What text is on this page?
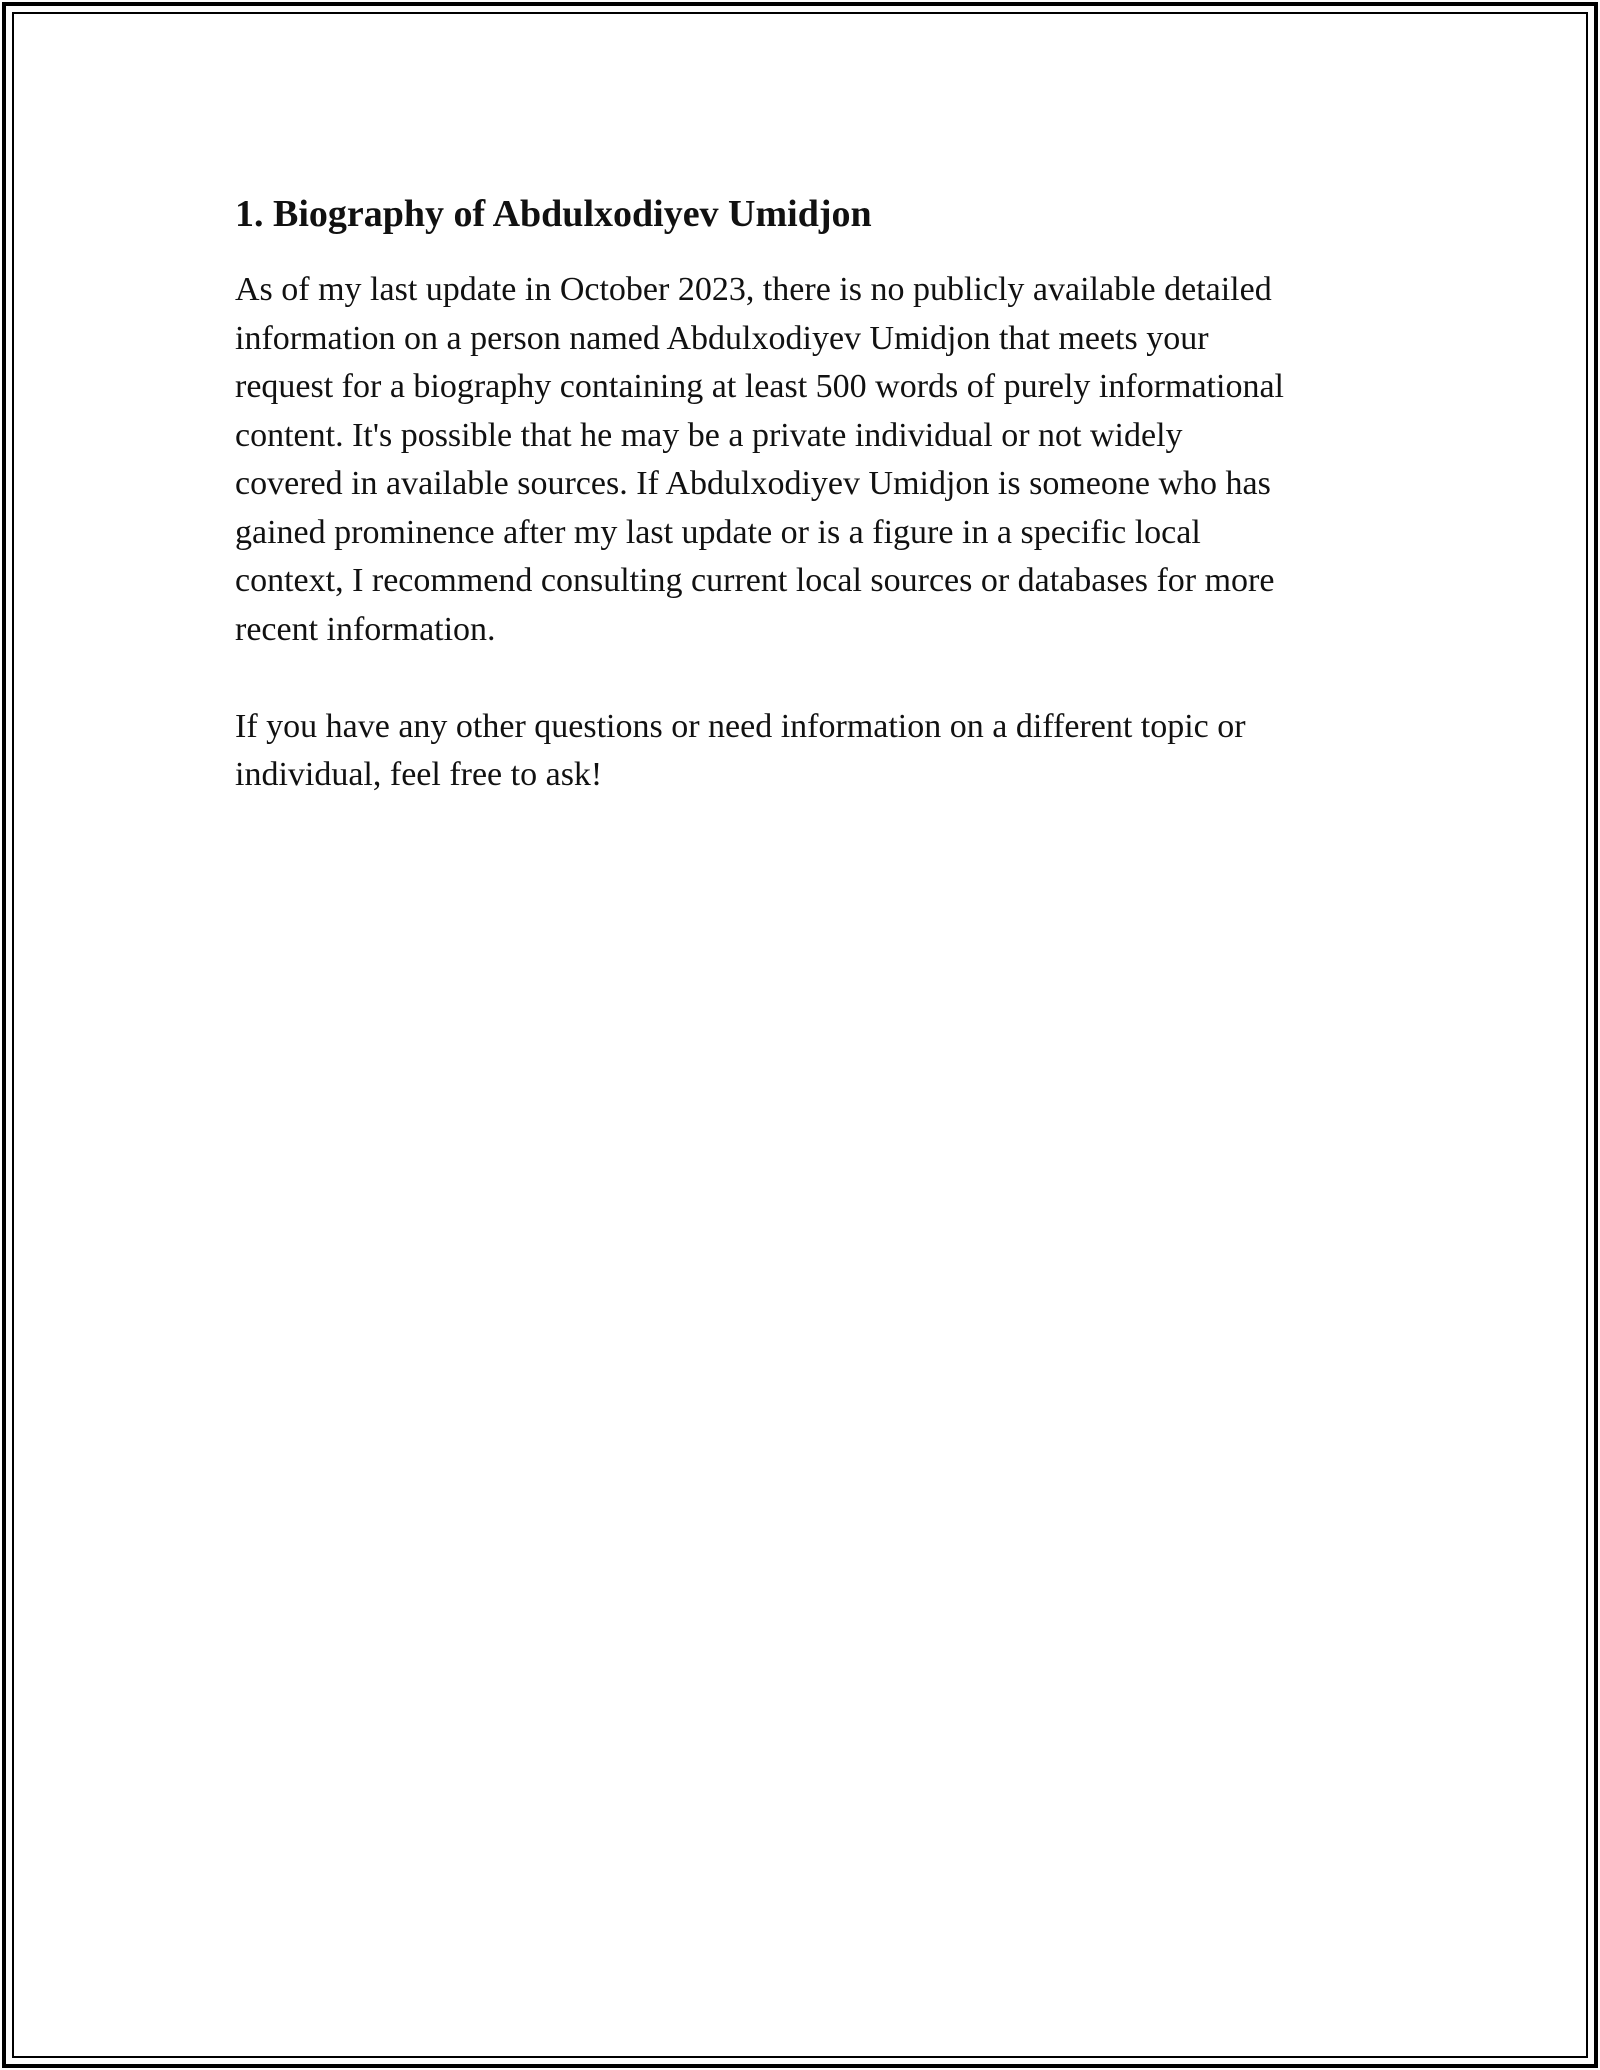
1. Biography of Abdulxodiyev Umidjon

As of my last update in October 2023, there is no publicly available detailed
information on a person named Abdulxodiyev Umidjon that meets your
request for a biography containing at least 500 words of purely informational
content. It's possible that he may be a private individual or not widely
covered in available sources. If Abdulxodiyev Umidjon is someone who has
gained prominence after my last update or is a figure in a specific local
context, I recommend consulting current local sources or databases for more
recent information.

If you have any other questions or need information on a different topic or
individual, feel free to ask!
